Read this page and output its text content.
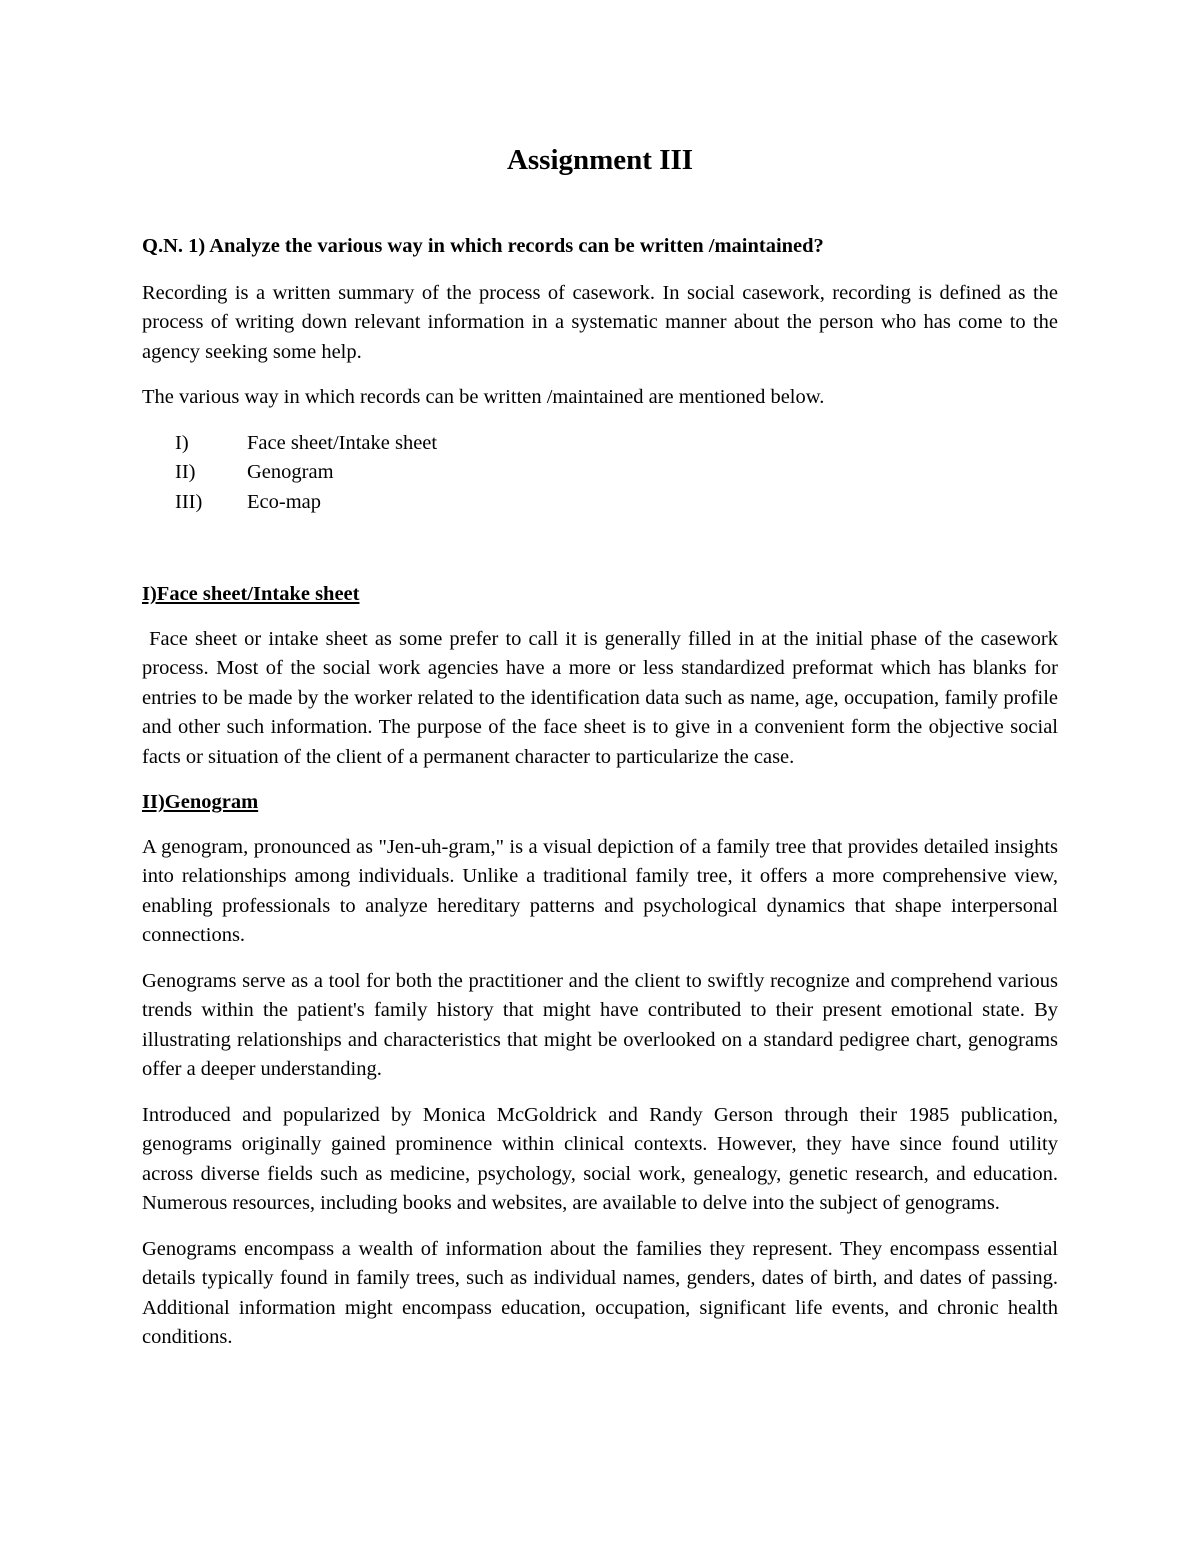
Assignment III
Q.N. 1) Analyze the various way in which records can be written /maintained?

Recording is a written summary of the process of casework. In social casework, recording is defined as the process of writing down relevant information in a systematic manner about the person who has come to the agency seeking some help.

The various way in which records can be written /maintained are mentioned below.

I)	Face sheet/Intake sheet
II)	Genogram
III)	Eco-map
I)Face sheet/Intake sheet

Face sheet or intake sheet as some prefer to call it is generally filled in at the initial phase of the casework process. Most of the social work agencies have a more or less standardized preformat which has blanks for entries to be made by the worker related to the identification data such as name, age, occupation, family profile and other such information. The purpose of the face sheet is to give in a convenient form the objective social facts or situation of the client of a permanent character to particularize the case.

II)Genogram

A genogram, pronounced as "Jen-uh-gram," is a visual depiction of a family tree that provides detailed insights into relationships among individuals. Unlike a traditional family tree, it offers a more comprehensive view, enabling professionals to analyze hereditary patterns and psychological dynamics that shape interpersonal connections.

Genograms serve as a tool for both the practitioner and the client to swiftly recognize and comprehend various trends within the patient's family history that might have contributed to their present emotional state. By illustrating relationships and characteristics that might be overlooked on a standard pedigree chart, genograms offer a deeper understanding.

Introduced and popularized by Monica McGoldrick and Randy Gerson through their 1985 publication, genograms originally gained prominence within clinical contexts. However, they have since found utility across diverse fields such as medicine, psychology, social work, genealogy, genetic research, and education. Numerous resources, including books and websites, are available to delve into the subject of genograms.

Genograms encompass a wealth of information about the families they represent. They encompass essential details typically found in family trees, such as individual names, genders, dates of birth, and dates of passing. Additional information might encompass education, occupation, significant life events, and chronic health conditions.
